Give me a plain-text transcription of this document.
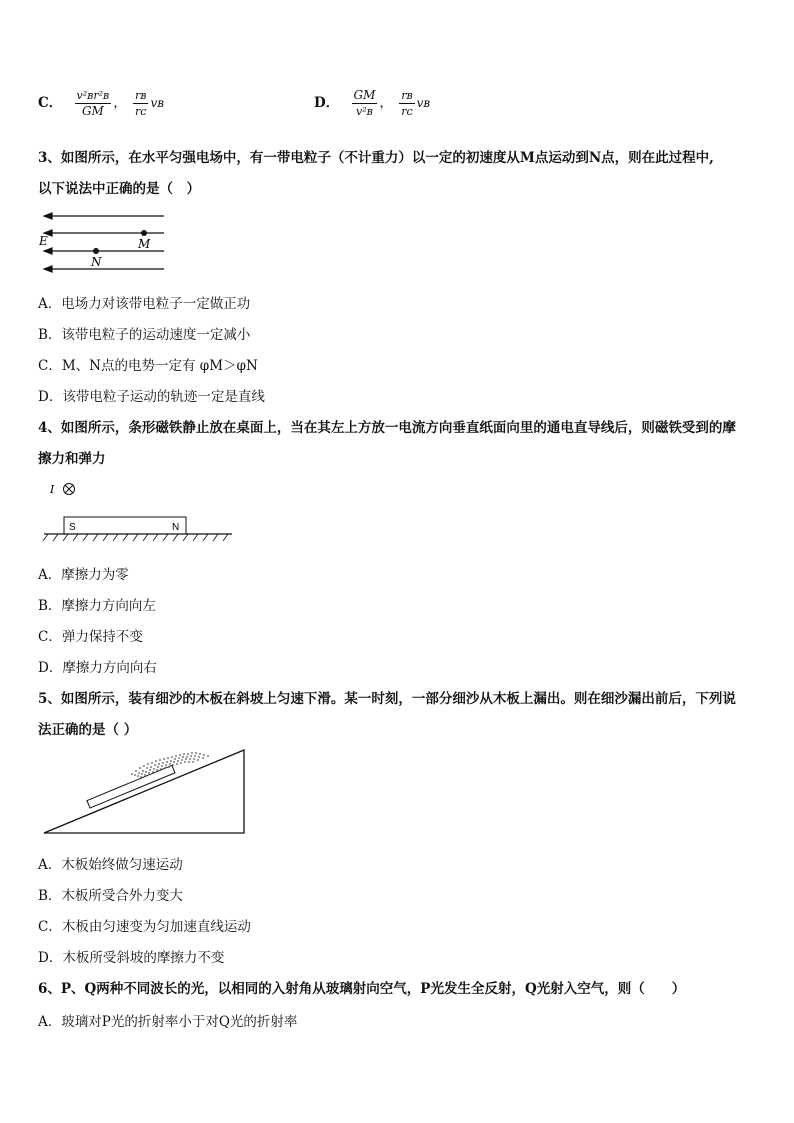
C． $\frac{\text{v²ʙr²ʙ}}{GM}$ ， $\frac{\text{rʙ}}{\text{rᴄ}}$ vʙ	D． $\frac{GM}{\text{v²ʙ}}$ ， $\frac{\text{rʙ}}{\text{rᴄ}}$ vʙ
3、如图所示，在水平匀强电场中，有一带电粒子（不计重力）以一定的初速度从M点运动到N点，则在此过程中,
以下说法中正确的是（　）
E	M
N
A．电场力对该带电粒子一定做正功
B．该带电粒子的运动速度一定减小
C．M、N点的电势一定有 φM＞φN
D．该带电粒子运动的轨迹一定是直线
4、如图所示，条形磁铁静止放在桌面上，当在其左上方放一电流方向垂直纸面向里的通电直导线后，则磁铁受到的摩
擦力和弹力
I
S	N
A．摩擦力为零
B．摩擦力方向向左
C．弹力保持不变
D．摩擦力方向向右
5、如图所示，装有细沙的木板在斜坡上匀速下滑。某一时刻，一部分细沙从木板上漏出。则在细沙漏出前后，下列说
法正确的是（ ）
A．木板始终做匀速运动
B．木板所受合外力变大
C．木板由匀速变为匀加速直线运动
D．木板所受斜坡的摩擦力不变
6、P、Q两种不同波长的光，以相同的入射角从玻璃射向空气，P光发生全反射，Q光射入空气，则（　　）
A．玻璃对P光的折射率小于对Q光的折射率
